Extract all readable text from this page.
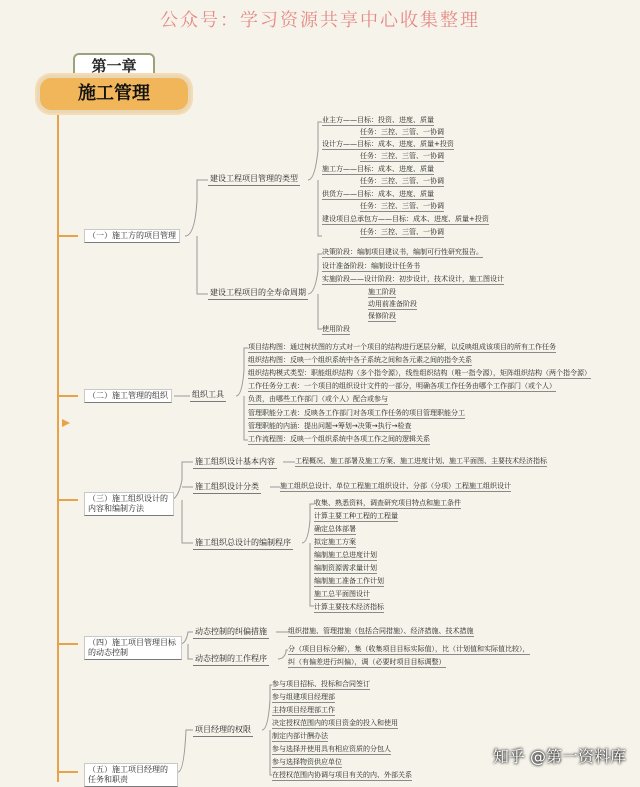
公众号：学习资源共享中心收集整理
第一章
施工管理
（一）施工方的项目管理
建设工程项目管理的类型
建设工程项目的全寿命周期
业主方——目标：投资、进度、质量
任务：三控、三管、一协调
设计方——目标：成本、进度、质量+投资
任务：三控、三管、一协调
施工方——目标：成本、进度、质量
任务：三控、三管、一协调
供货方——目标：成本、进度、质量
任务：三控、三管、一协调
建设项目总承包方——目标：成本、进度、质量+投资
任务：三控、三管、一协调
决策阶段：编制项目建议书，编制可行性研究报告。
设计准备阶段：编制设计任务书
实施阶段——设计阶段：初步设计，技术设计，施工图设计
施工阶段
动用前准备阶段
保修阶段
使用阶段
（二）施工管理的组织	组织工具
项目结构图：通过树状图的方式对一个项目的结构进行逐层分解，以反映组成该项目的所有工作任务
组织结构图：反映一个组织系统中各子系统之间和各元素之间的指令关系
组织结构模式类型：职能组织结构（多个指令源），线性组织结构（唯一指令源），矩阵组织结构（两个指令源）
工作任务分工表：一个项目的组织设计文件的一部分，明确各项工作任务由哪个工作部门（或个人）
负责，由哪些工作部门（或个人）配合或参与
管理职能分工表：反映各工作部门对各项工作任务的项目管理职能分工
管理职能的内涵：提出问题→筹划→决策→执行→检查
工作流程图：反映一个组织系统中各项工作之间的逻辑关系
（三）施工组织设计的内容和编制方法
施工组织设计基本内容
施工组织设计分类
施工组织总设计的编制程序
工程概况、施工部署及施工方案、施工进度计划、施工平面图、主要技术经济指标
施工组织总设计、单位工程施工组织设计、分部（分项）工程施工组织设计
收集、熟悉资料，调查研究项目特点和施工条件
计算主要工种工程的工程量
确定总体部署
拟定施工方案
编制施工总进度计划
编制资源需求量计划
编制施工准备工作计划
施工总平面图设计
计算主要技术经济指标
（四）施工项目管理目标的动态控制
动态控制的纠偏措施
动态控制的工作程序
组织措施、管理措施（包括合同措施）、经济措施、技术措施
分（项目目标分解），集（收集项目目标实际值），比（计划值和实际值比较），
纠（有偏差进行纠偏），调（必要时项目目标调整）
（五）施工项目经理的任务和职责
项目经理的权限
参与项目招标、投标和合同签订
参与组建项目经理部
主持项目经理部工作
决定授权范围内的项目资金的投入和使用
制定内部计酬办法
参与选择并使用具有相应资质的分包人
参与选择物资供应单位
在授权范围内协调与项目有关的内、外部关系
知乎 @第一资料库
